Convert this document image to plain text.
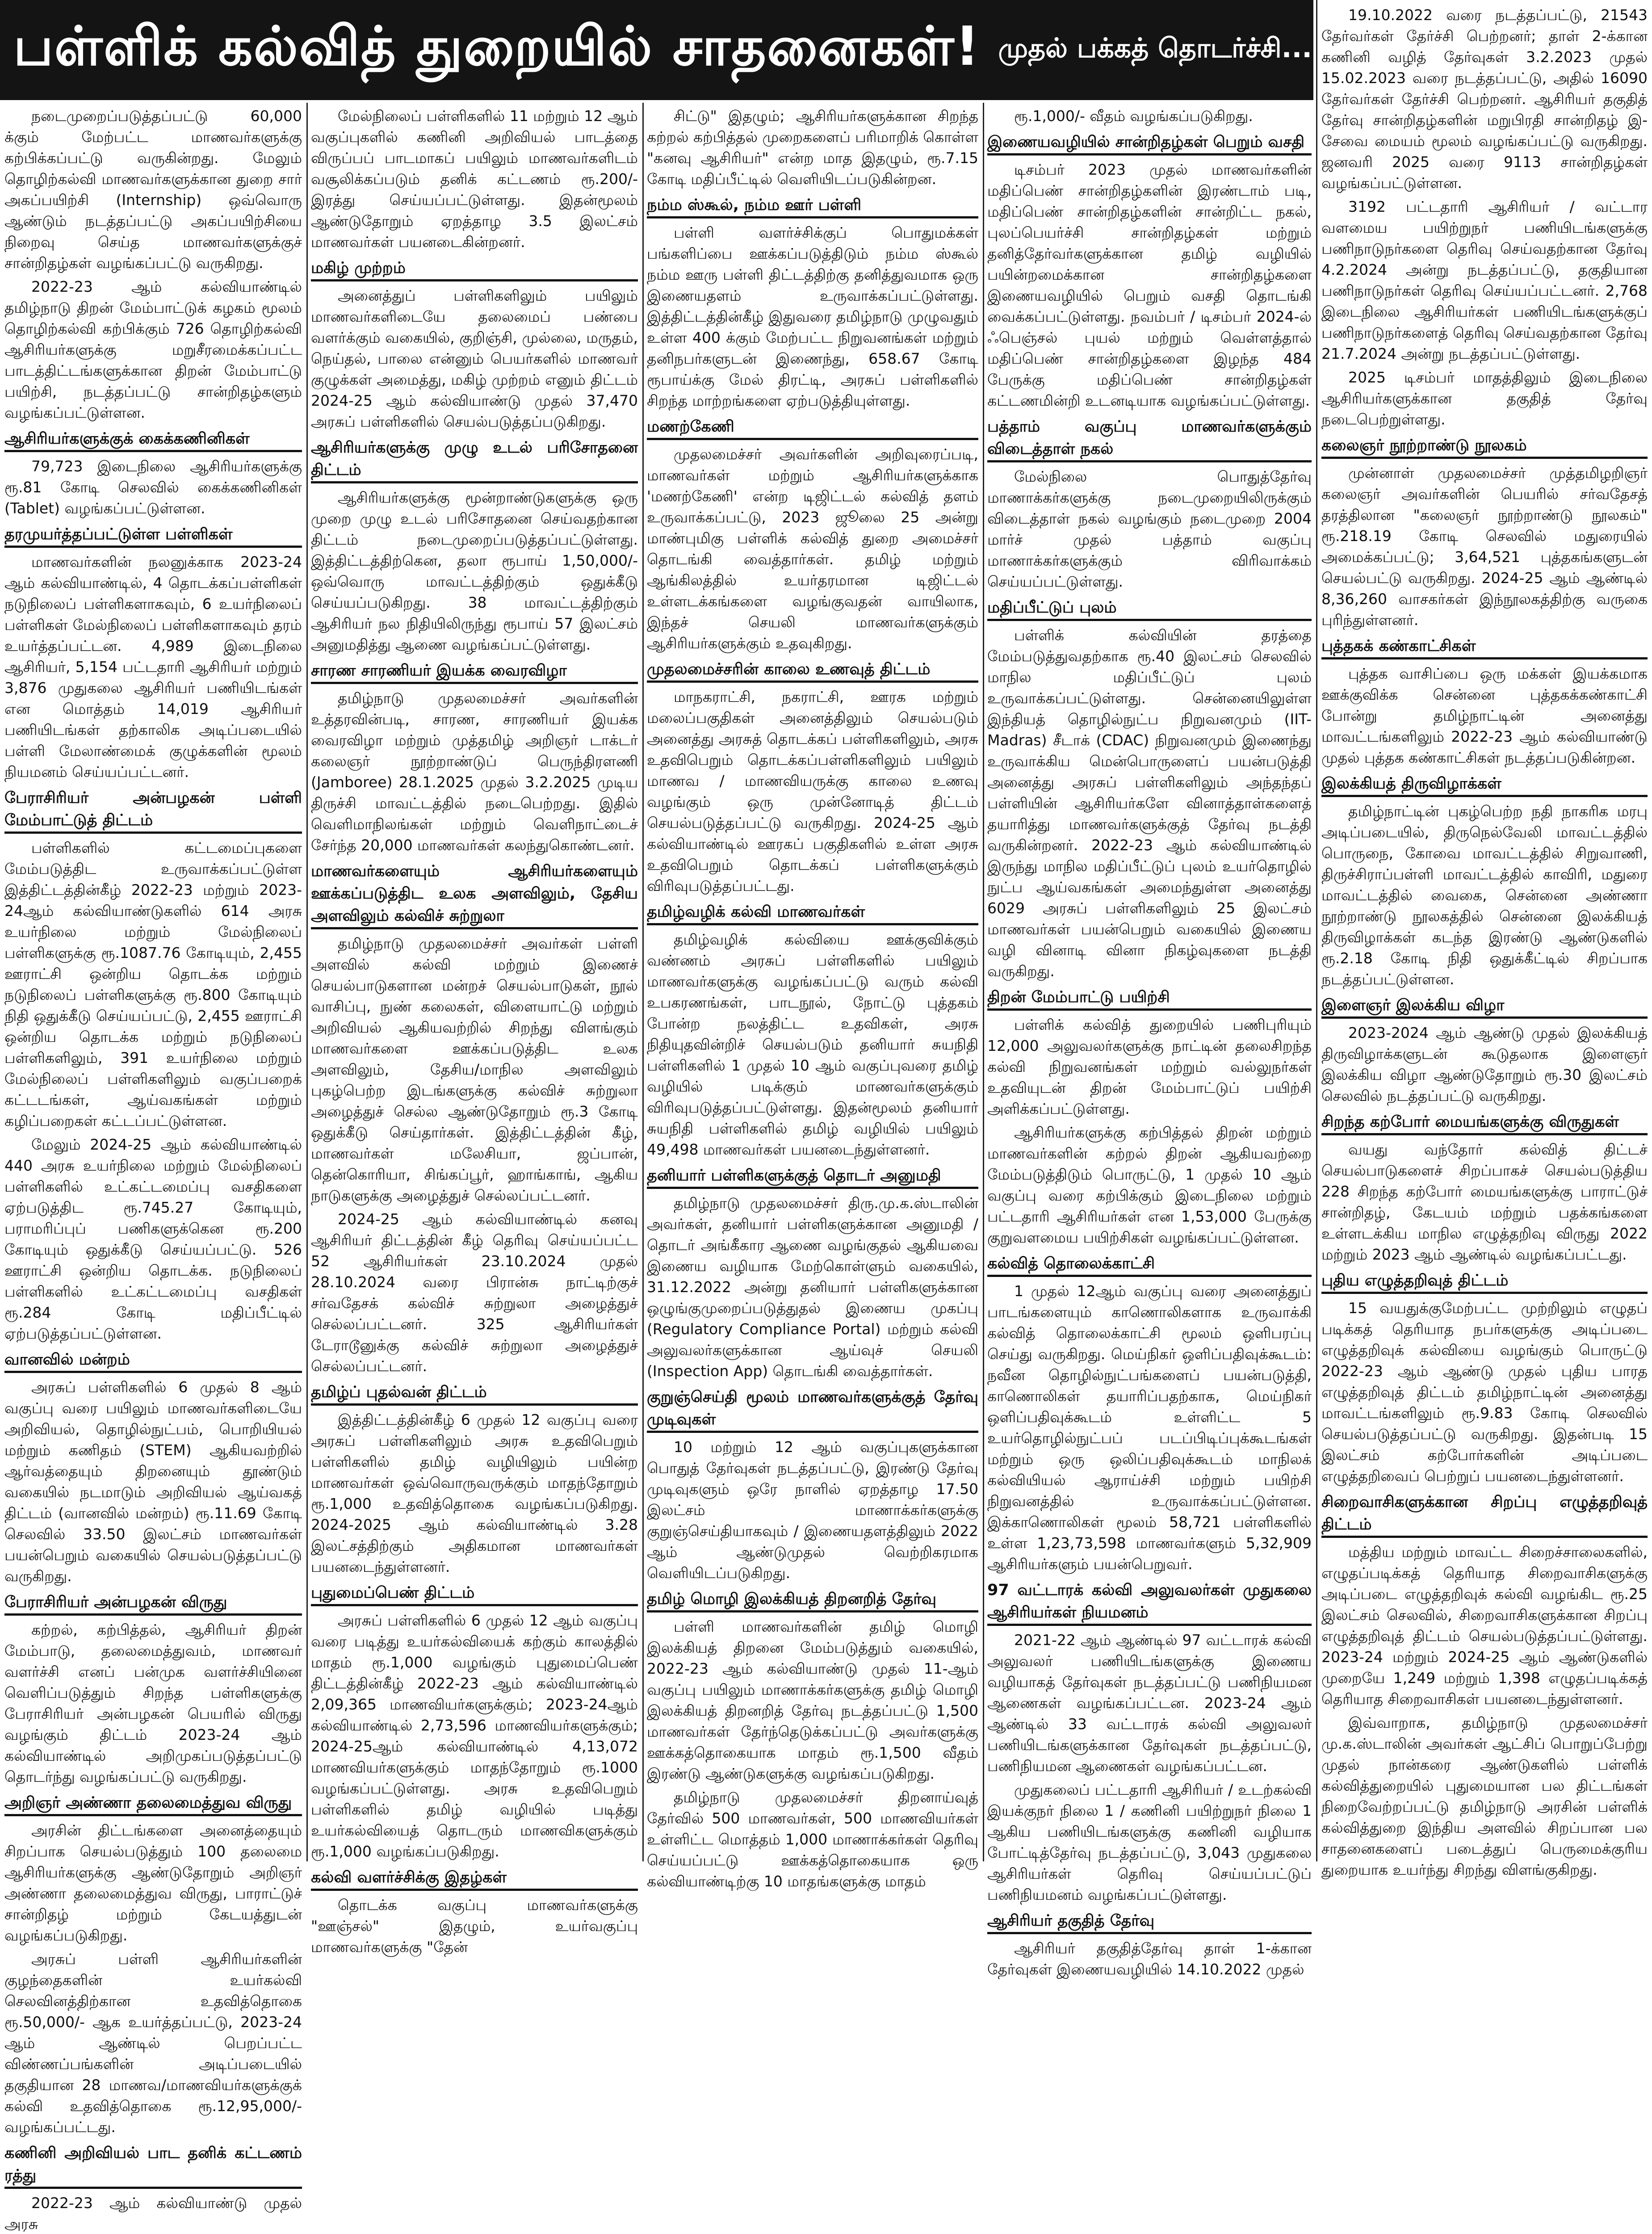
பள்ளிக் கல்வித் துறையில் சாதனைகள்! முதல் பக்கத் தொடர்ச்சி...

நடைமுறைப்படுத்தப்பட்டு 60,000 க்கும் மேற்பட்ட மாணவர்களுக்கு கற்பிக்கப்பட்டு வருகின்றது. மேலும் தொழிற்கல்வி மாணவர்களுக்கான துறை சார் அகப்பயிற்சி (Internship) ஒவ்வொரு ஆண்டும் நடத்தப்பட்டு அகப்பயிற்சியை நிறைவு செய்த மாணவர்களுக்குச் சான்றிதழ்கள் வழங்கப்பட்டு வருகிறது.

2022-23 ஆம் கல்வியாண்டில் தமிழ்நாடு திறன் மேம்பாட்டுக் கழகம் மூலம் தொழிற்கல்வி கற்பிக்கும் 726 தொழிற்கல்வி ஆசிரியர்களுக்கு மறுசீரமைக்கப்பட்ட பாடத்திட்டங்களுக்கான திறன் மேம்பாட்டு பயிற்சி, நடத்தப்பட்டு சான்றிதழ்களும் வழங்கப்பட்டுள்ளன.

ஆசிரியர்களுக்குக் கைக்கணினிகள்

79,723 இடைநிலை ஆசிரியர்களுக்கு ரூ.81 கோடி செலவில் கைக்கணினிகள் (Tablet) வழங்கப்பட்டுள்ளன.

தரமுயர்த்தப்பட்டுள்ள பள்ளிகள்

மாணவர்களின் நலனுக்காக 2023-24 ஆம் கல்வியாண்டில், 4 தொடக்கப்பள்ளிகள் நடுநிலைப் பள்ளிகளாகவும், 6 உயர்நிலைப் பள்ளிகள் மேல்நிலைப் பள்ளிகளாகவும் தரம் உயர்த்தப்பட்டன. 4,989 இடைநிலை ஆசிரியர், 5,154 பட்டதாரி ஆசிரியர் மற்றும் 3,876 முதுகலை ஆசிரியர் பணியிடங்கள் என மொத்தம் 14,019 ஆசிரியர் பணியிடங்கள் தற்காலிக அடிப்படையில் பள்ளி மேலாண்மைக் குழுக்களின் மூலம் நியமனம் செய்யப்பட்டனர்.

பேராசிரியர் அன்பழகன் பள்ளி மேம்பாட்டுத் திட்டம்

பள்ளிகளில் கட்டமைப்புகளை மேம்படுத்திட உருவாக்கப்பட்டுள்ள இத்திட்டத்தின்கீழ் 2022-23 மற்றும் 2023-24ஆம் கல்வியாண்டுகளில் 614 அரசு உயர்நிலை மற்றும் மேல்நிலைப் பள்ளிகளுக்கு ரூ.1087.76 கோடியும், 2,455 ஊராட்சி ஒன்றிய தொடக்க மற்றும் நடுநிலைப் பள்ளிகளுக்கு ரூ.800 கோடியும் நிதி ஒதுக்கீடு செய்யப்பட்டு, 2,455 ஊராட்சி ஒன்றிய தொடக்க மற்றும் நடுநிலைப் பள்ளிகளிலும், 391 உயர்நிலை மற்றும் மேல்நிலைப் பள்ளிகளிலும் வகுப்பறைக் கட்டடங்கள், ஆய்வகங்கள் மற்றும் கழிப்பறைகள் கட்டப்பட்டுள்ளன.

மேலும் 2024-25 ஆம் கல்வியாண்டில் 440 அரசு உயர்நிலை மற்றும் மேல்நிலைப் பள்ளிகளில் உட்கட்டமைப்பு வசதிகளை ஏற்படுத்திட ரூ.745.27 கோடியும், பராமரிப்புப் பணிகளுக்கென ரூ.200 கோடியும் ஒதுக்கீடு செய்யப்பட்டு. 526 ஊராட்சி ஒன்றிய தொடக்க. நடுநிலைப் பள்ளிகளில் உட்கட்டமைப்பு வசதிகள் ரூ.284 கோடி மதிப்பீட்டில் ஏற்படுத்தப்பட்டுள்ளன.

வானவில் மன்றம்

அரசுப் பள்ளிகளில் 6 முதல் 8 ஆம் வகுப்பு வரை பயிலும் மாணவர்களிடையே அறிவியல், தொழில்நுட்பம், பொறியியல் மற்றும் கணிதம் (STEM) ஆகியவற்றில் ஆர்வத்தையும் திறனையும் தூண்டும் வகையில் நடமாடும் அறிவியல் ஆய்வகத் திட்டம் (வானவில் மன்றம்) ரூ.11.69 கோடி செலவில் 33.50 இலட்சம் மாணவர்கள் பயன்பெறும் வகையில் செயல்படுத்தப்பட்டு வருகிறது.

பேராசிரியர் அன்பழகன் விருது

கற்றல், கற்பித்தல், ஆசிரியர் திறன் மேம்பாடு, தலைமைத்துவம், மாணவர் வளர்ச்சி எனப் பன்முக வளர்ச்சியினை வெளிப்படுத்தும் சிறந்த பள்ளிகளுக்கு பேராசிரியர் அன்பழகன் பெயரில் விருது வழங்கும் திட்டம் 2023-24 ஆம் கல்வியாண்டில் அறிமுகப்படுத்தப்பட்டு தொடர்ந்து வழங்கப்பட்டு வருகிறது.

அறிஞர் அண்ணா தலைமைத்துவ விருது

அரசின் திட்டங்களை அனைத்தையும் சிறப்பாக செயல்படுத்தும் 100 தலைமை ஆசிரியர்களுக்கு ஆண்டுதோறும் அறிஞர் அண்ணா தலைமைத்துவ விருது, பாராட்டுச் சான்றிதழ் மற்றும் கேடயத்துடன் வழங்கப்படுகிறது.

அரசுப் பள்ளி ஆசிரியர்களின் குழந்தைகளின் உயர்கல்வி செலவினத்திற்கான உதவித்தொகை ரூ.50,000/- ஆக உயர்த்தப்பட்டு, 2023-24 ஆம் ஆண்டில் பெறப்பட்ட விண்ணப்பங்களின் அடிப்படையில் தகுதியான 28 மாணவ/மாணவியர்களுக்குக் கல்வி உதவித்தொகை ரூ.12,95,000/- வழங்கப்பட்டது.

கணினி அறிவியல் பாட தனிக் கட்டணம் ரத்து

2022-23 ஆம் கல்வியாண்டு முதல் அரசு

மேல்நிலைப் பள்ளிகளில் 11 மற்றும் 12 ஆம் வகுப்புகளில் கணினி அறிவியல் பாடத்தை விருப்பப் பாடமாகப் பயிலும் மாணவர்களிடம் வசூலிக்கப்படும் தனிக் கட்டணம் ரூ.200/- இரத்து செய்யப்பட்டுள்ளது. இதன்மூலம் ஆண்டுதோறும் ஏறத்தாழ 3.5 இலட்சம் மாணவர்கள் பயனடைகின்றனர்.

மகிழ் முற்றம்

அனைத்துப் பள்ளிகளிலும் பயிலும் மாணவர்களிடையே தலைமைப் பண்பை வளர்க்கும் வகையில், குறிஞ்சி, முல்லை, மருதம், நெய்தல், பாலை என்னும் பெயர்களில் மாணவர் குழுக்கள் அமைத்து, மகிழ் முற்றம் எனும் திட்டம் 2024-25 ஆம் கல்வியாண்டு முதல் 37,470 அரசுப் பள்ளிகளில் செயல்படுத்தப்படுகிறது.

ஆசிரியர்களுக்கு முழு உடல் பரிசோதனை திட்டம்

ஆசிரியர்களுக்கு மூன்றாண்டுகளுக்கு ஒரு முறை முழு உடல் பரிசோதனை செய்வதற்கான திட்டம் நடைமுறைப்படுத்தப்பட்டுள்ளது. இத்திட்டத்திற்கென, தலா ரூபாய் 1,50,000/- ஒவ்வொரு மாவட்டத்திற்கும் ஒதுக்கீடு செய்யப்படுகிறது. 38 மாவட்டத்திற்கும் ஆசிரியர் நல நிதியிலிருந்து ரூபாய் 57 இலட்சம் அனுமதித்து ஆணை வழங்கப்பட்டுள்ளது.

சாரண சாரணியர் இயக்க வைரவிழா

தமிழ்நாடு முதலமைச்சர் அவர்களின் உத்தரவின்படி, சாரண, சாரணியர் இயக்க வைரவிழா மற்றும் முத்தமிழ் அறிஞர் டாக்டர் கலைஞர் நூற்றாண்டுப் பெருந்திரளணி (Jamboree) 28.1.2025 முதல் 3.2.2025 முடிய திருச்சி மாவட்டத்தில் நடைபெற்றது. இதில் வெளிமாநிலங்கள் மற்றும் வெளிநாட்டைச் சேர்ந்த 20,000 மாணவர்கள் கலந்துகொண்டனர்.

மாணவர்களையும் ஆசிரியர்களையும் ஊக்கப்படுத்திட உலக அளவிலும், தேசிய அளவிலும் கல்விச் சுற்றுலா

தமிழ்நாடு முதலமைச்சர் அவர்கள் பள்ளி அளவில் கல்வி மற்றும் இணைச் செயல்பாடுகளான மன்றச் செயல்பாடுகள், நூல் வாசிப்பு, நுண் கலைகள், விளையாட்டு மற்றும் அறிவியல் ஆகியவற்றில் சிறந்து விளங்கும் மாணவர்களை ஊக்கப்படுத்திட உலக அளவிலும், தேசிய/மாநில அளவிலும் புகழ்பெற்ற இடங்களுக்கு கல்விச் சுற்றுலா அழைத்துச் செல்ல ஆண்டுதோறும் ரூ.3 கோடி ஒதுக்கீடு செய்தார்கள். இத்திட்டத்தின் கீழ், மாணவர்கள் மலேசியா, ஜப்பான், தென்கொரியா, சிங்கப்பூர், ஹாங்காங், ஆகிய நாடுகளுக்கு அழைத்துச் செல்லப்பட்டனர்.

2024-25 ஆம் கல்வியாண்டில் கனவு ஆசிரியர் திட்டத்தின் கீழ் தெரிவு செய்யப்பட்ட 52 ஆசிரியர்கள் 23.10.2024 முதல் 28.10.2024 வரை பிரான்சு நாட்டிற்குச் சர்வதேசக் கல்விச் சுற்றுலா அழைத்துச் செல்லப்பட்டனர். 325 ஆசிரியர்கள் டேராடூனுக்கு கல்விச் சுற்றுலா அழைத்துச் செல்லப்பட்டனர்.

தமிழ்ப் புதல்வன் திட்டம்

இத்திட்டத்தின்கீழ் 6 முதல் 12 வகுப்பு வரை அரசுப் பள்ளிகளிலும் அரசு உதவிபெறும் பள்ளிகளில் தமிழ் வழியிலும் பயின்ற மாணவர்கள் ஒவ்வொருவருக்கும் மாதந்தோறும் ரூ.1,000 உதவித்தொகை வழங்கப்படுகிறது. 2024-2025 ஆம் கல்வியாண்டில் 3.28 இலட்சத்திற்கும் அதிகமான மாணவர்கள் பயனடைந்துள்ளனர்.

புதுமைப்பெண் திட்டம்

அரசுப் பள்ளிகளில் 6 முதல் 12 ஆம் வகுப்பு வரை படித்து உயர்கல்வியைக் கற்கும் காலத்தில் மாதம் ரூ.1,000 வழங்கும் புதுமைப்பெண் திட்டத்தின்கீழ் 2022-23 ஆம் கல்வியாண்டில் 2,09,365 மாணவியர்களுக்கும்; 2023-24ஆம் கல்வியாண்டில் 2,73,596 மாணவியர்களுக்கும்; 2024-25ஆம் கல்வியாண்டில் 4,13,072 மாணவியர்களுக்கும் மாதந்தோறும் ரூ.1000 வழங்கப்பட்டுள்ளது. அரசு உதவிபெறும் பள்ளிகளில் தமிழ் வழியில் படித்து உயர்கல்வியைத் தொடரும் மாணவிகளுக்கும் ரூ.1,000 வழங்கப்படுகிறது.

கல்வி வளர்ச்சிக்கு இதழ்கள்

தொடக்க வகுப்பு மாணவர்களுக்கு "ஊஞ்சல்" இதழும், உயர்வகுப்பு மாணவர்களுக்கு "தேன்

சிட்டு" இதழும்; ஆசிரியர்களுக்கான சிறந்த கற்றல் கற்பித்தல் முறைகளைப் பரிமாறிக் கொள்ள "கனவு ஆசிரியர்" என்ற மாத இதழும், ரூ.7.15 கோடி மதிப்பீட்டில் வெளியிடப்படுகின்றன.

நம்ம ஸ்கூல், நம்ம ஊர் பள்ளி

பள்ளி வளர்ச்சிக்குப் பொதுமக்கள் பங்களிப்பை ஊக்கப்படுத்திடும் நம்ம ஸ்கூல் நம்ம ஊரு பள்ளி திட்டத்திற்கு தனித்துவமாக ஒரு இணையதளம் உருவாக்கப்பட்டுள்ளது. இத்திட்டத்தின்கீழ் இதுவரை தமிழ்நாடு முழுவதும் உள்ள 400 க்கும் மேற்பட்ட நிறுவனங்கள் மற்றும் தனிநபர்களுடன் இணைந்து, 658.67 கோடி ரூபாய்க்கு மேல் திரட்டி, அரசுப் பள்ளிகளில் சிறந்த மாற்றங்களை ஏற்படுத்தியுள்ளது.

மணற்கேணி

முதலமைச்சர் அவர்களின் அறிவுரைப்படி, மாணவர்கள் மற்றும் ஆசிரியர்களுக்காக 'மணற்கேணி' என்ற டிஜிட்டல் கல்வித் தளம் உருவாக்கப்பட்டு, 2023 ஜூலை 25 அன்று மாண்புமிகு பள்ளிக் கல்வித் துறை அமைச்சர் தொடங்கி வைத்தார்கள். தமிழ் மற்றும் ஆங்கிலத்தில் உயர்தரமான டிஜிட்டல் உள்ளடக்கங்களை வழங்குவதன் வாயிலாக, இந்தச் செயலி மாணவர்களுக்கும் ஆசிரியர்களுக்கும் உதவுகிறது.

முதலமைச்சரின் காலை உணவுத் திட்டம்

மாநகராட்சி, நகராட்சி, ஊரக மற்றும் மலைப்பகுதிகள் அனைத்திலும் செயல்படும் அனைத்து அரசுத் தொடக்கப் பள்ளிகளிலும், அரசு உதவிபெறும் தொடக்கப்பள்ளிகளிலும் பயிலும் மாணவ / மாணவியருக்கு காலை உணவு வழங்கும் ஒரு முன்னோடித் திட்டம் செயல்படுத்தப்பட்டு வருகிறது. 2024-25 ஆம் கல்வியாண்டில் ஊரகப் பகுதிகளில் உள்ள அரசு உதவிபெறும் தொடக்கப் பள்ளிகளுக்கும் விரிவுபடுத்தப்பட்டது.

தமிழ்வழிக் கல்வி மாணவர்கள்

தமிழ்வழிக் கல்வியை ஊக்குவிக்கும் வண்ணம் அரசுப் பள்ளிகளில் பயிலும் மாணவர்களுக்கு வழங்கப்பட்டு வரும் கல்வி உபகரணங்கள், பாடநூல், நோட்டு புத்தகம் போன்ற நலத்திட்ட உதவிகள், அரசு நிதியுதவின்றிச் செயல்படும் தனியார் சுயநிதி பள்ளிகளில் 1 முதல் 10 ஆம் வகுப்புவரை தமிழ் வழியில் படிக்கும் மாணவர்களுக்கும் விரிவுபடுத்தப்பட்டுள்ளது. இதன்மூலம் தனியார் சுயநிதி பள்ளிகளில் தமிழ் வழியில் பயிலும் 49,498 மாணவர்கள் பயனடைந்துள்ளனர்.

தனியார் பள்ளிகளுக்குத் தொடர் அனுமதி

தமிழ்நாடு முதலமைச்சர் திரு.மு.க.ஸ்டாலின் அவர்கள், தனியார் பள்ளிகளுக்கான அனுமதி / தொடர் அங்கீகார ஆணை வழங்குதல் ஆகியவை இணைய வழியாக மேற்கொள்ளும் வகையில், 31.12.2022 அன்று தனியார் பள்ளிகளுக்கான ஒழுங்குமுறைப்படுத்துதல் இணைய முகப்பு (Regulatory Compliance Portal) மற்றும் கல்வி அலுவலர்களுக்கான ஆய்வுச் செயலி (Inspection App) தொடங்கி வைத்தார்கள்.

குறுஞ்செய்தி மூலம் மாணவர்களுக்குத் தேர்வு முடிவுகள்

10 மற்றும் 12 ஆம் வகுப்புகளுக்கான பொதுத் தேர்வுகள் நடத்தப்பட்டு, இரண்டு தேர்வு முடிவுகளும் ஒரே நாளில் ஏறத்தாழ 17.50 இலட்சம் மாணாக்கர்களுக்கு குறுஞ்செய்தியாகவும் / இணையதளத்திலும் 2022 ஆம் ஆண்டுமுதல் வெற்றிகரமாக வெளியிடப்படுகிறது.

தமிழ் மொழி இலக்கியத் திறனறித் தேர்வு

பள்ளி மாணவர்களின் தமிழ் மொழி இலக்கியத் திறனை மேம்படுத்தும் வகையில், 2022-23 ஆம் கல்வியாண்டு முதல் 11-ஆம் வகுப்பு பயிலும் மாணாக்கர்களுக்கு தமிழ் மொழி இலக்கியத் திறனறித் தேர்வு நடத்தப்பட்டு 1,500 மாணவர்கள் தேர்ந்தெடுக்கப்பட்டு அவர்களுக்கு ஊக்கத்தொகையாக மாதம் ரூ.1,500 வீதம் இரண்டு ஆண்டுகளுக்கு வழங்கப்படுகிறது.

தமிழ்நாடு முதலமைச்சர் திறனாய்வுத் தேர்வில் 500 மாணவர்கள், 500 மாணவியர்கள் உள்ளிட்ட மொத்தம் 1,000 மாணாக்கர்கள் தெரிவு செய்யப்பட்டு ஊக்கத்தொகையாக ஒரு கல்வியாண்டிற்கு 10 மாதங்களுக்கு மாதம்

ரூ.1,000/- வீதம் வழங்கப்படுகிறது.

இணையவழியில் சான்றிதழ்கள் பெறும் வசதி

டிசம்பர் 2023 முதல் மாணவர்களின் மதிப்பெண் சான்றிதழ்களின் இரண்டாம் படி, மதிப்பெண் சான்றிதழ்களின் சான்றிட்ட நகல், புலப்பெயர்ச்சி சான்றிதழ்கள் மற்றும் தனித்தேர்வர்களுக்கான தமிழ் வழியில் பயின்றமைக்கான சான்றிதழ்களை இணையவழியில் பெறும் வசதி தொடங்கி வைக்கப்பட்டுள்ளது. நவம்பர் / டிசம்பர் 2024-ல் ஃபெஞ்சல் புயல் மற்றும் வெள்ளத்தால் மதிப்பெண் சான்றிதழ்களை இழந்த 484 பேருக்கு மதிப்பெண் சான்றிதழ்கள் கட்டணமின்றி உடனடியாக வழங்கப்பட்டுள்ளது.

பத்தாம் வகுப்பு மாணவர்களுக்கும் விடைத்தாள் நகல்

மேல்நிலை பொதுத்தேர்வு மாணாக்கர்களுக்கு நடைமுறையிலிருக்கும் விடைத்தாள் நகல் வழங்கும் நடைமுறை 2004 மார்ச் முதல் பத்தாம் வகுப்பு மாணாக்கர்களுக்கும் விரிவாக்கம் செய்யப்பட்டுள்ளது.

மதிப்பீட்டுப் புலம்

பள்ளிக் கல்வியின் தரத்தை மேம்படுத்துவதற்காக ரூ.40 இலட்சம் செலவில் மாநில மதிப்பீட்டுப் புலம் உருவாக்கப்பட்டுள்ளது. சென்னையிலுள்ள இந்தியத் தொழில்நுட்ப நிறுவனமும் (IIT-Madras) சீடாக் (CDAC) நிறுவனமும் இணைந்து உருவாக்கிய மென்பொருளைப் பயன்படுத்தி அனைத்து அரசுப் பள்ளிகளிலும் அந்தந்தப் பள்ளியின் ஆசிரியர்களே வினாத்தாள்களைத் தயாரித்து மாணவர்களுக்குத் தேர்வு நடத்தி வருகின்றனர். 2022-23 ஆம் கல்வியாண்டில் இருந்து மாநில மதிப்பீட்டுப் புலம் உயர்தொழில் நுட்ப ஆய்வகங்கள் அமைந்துள்ள அனைத்து 6029 அரசுப் பள்ளிகளிலும் 25 இலட்சம் மாணவர்கள் பயன்பெறும் வகையில் இணைய வழி வினாடி வினா நிகழ்வுகளை நடத்தி வருகிறது.

திறன் மேம்பாட்டு பயிற்சி

பள்ளிக் கல்வித் துறையில் பணிபுரியும் 12,000 அலுவலர்களுக்கு நாட்டின் தலைசிறந்த கல்வி நிறுவனங்கள் மற்றும் வல்லுநர்கள் உதவியுடன் திறன் மேம்பாட்டுப் பயிற்சி அளிக்கப்பட்டுள்ளது.

ஆசிரியர்களுக்கு கற்பித்தல் திறன் மற்றும் மாணவர்களின் கற்றல் திறன் ஆகியவற்றை மேம்படுத்திடும் பொருட்டு, 1 முதல் 10 ஆம் வகுப்பு வரை கற்பிக்கும் இடைநிலை மற்றும் பட்டதாரி ஆசிரியர்கள் என 1,53,000 பேருக்கு குறுவளமைய பயிற்சிகள் வழங்கப்பட்டுள்ளன.

கல்வித் தொலைக்காட்சி

1 முதல் 12ஆம் வகுப்பு வரை அனைத்துப் பாடங்களையும் காணொலிகளாக உருவாக்கி கல்வித் தொலைக்காட்சி மூலம் ஒளிபரப்பு செய்து வருகிறது. மெய்நிகர் ஒளிப்பதிவுக்கூடம்: நவீன தொழில்நுட்பங்களைப் பயன்படுத்தி, காணொலிகள் தயாரிப்பதற்காக, மெய்நிகர் ஒளிப்பதிவுக்கூடம் உள்ளிட்ட 5 உயர்தொழில்நுட்பப் படப்பிடிப்புக்கூடங்கள் மற்றும் ஒரு ஒலிப்பதிவுக்கூடம் மாநிலக் கல்வியியல் ஆராய்ச்சி மற்றும் பயிற்சி நிறுவனத்தில் உருவாக்கப்பட்டுள்ளன. இக்காணொலிகள் மூலம் 58,721 பள்ளிகளில் உள்ள 1,23,73,598 மாணவர்களும் 5,32,909 ஆசிரியர்களும் பயன்பெறுவர்.

97 வட்டாரக் கல்வி அலுவலர்கள் முதுகலை ஆசிரியர்கள் நியமனம்

2021-22 ஆம் ஆண்டில் 97 வட்டாரக் கல்வி அலுவலர் பணியிடங்களுக்கு இணைய வழியாகத் தேர்வுகள் நடத்தப்பட்டு பணிநியமன ஆணைகள் வழங்கப்பட்டன. 2023-24 ஆம் ஆண்டில் 33 வட்டாரக் கல்வி அலுவலர் பணியிடங்களுக்கான தேர்வுகள் நடத்தப்பட்டு, பணிநியமன ஆணைகள் வழங்கப்பட்டன.

முதுகலைப் பட்டதாரி ஆசிரியர் / உடற்கல்வி இயக்குநர் நிலை 1 / கணினி பயிற்றுநர் நிலை 1 ஆகிய பணியிடங்களுக்கு கணினி வழியாக போட்டித்தேர்வு நடத்தப்பட்டு, 3,043 முதுகலை ஆசிரியர்கள் தெரிவு செய்யப்பட்டுப் பணிநியமனம் வழங்கப்பட்டுள்ளது.

ஆசிரியர் தகுதித் தேர்வு

ஆசிரியர் தகுதித்தேர்வு தாள் 1-க்கான தேர்வுகள் இணையவழியில் 14.10.2022 முதல்

19.10.2022 வரை நடத்தப்பட்டு, 21543 தேர்வர்கள் தேர்ச்சி பெற்றனர்; தாள் 2-க்கான கணினி வழித் தேர்வுகள் 3.2.2023 முதல் 15.02.2023 வரை நடத்தப்பட்டு, அதில் 16090 தேர்வர்கள் தேர்ச்சி பெற்றனர். ஆசிரியர் தகுதித் தேர்வு சான்றிதழ்களின் மறுபிரதி சான்றிதழ் இ-சேவை மையம் மூலம் வழங்கப்பட்டு வருகிறது. ஜனவரி 2025 வரை 9113 சான்றிதழ்கள் வழங்கப்பட்டுள்ளன.

3192 பட்டதாரி ஆசிரியர் / வட்டார வளமைய பயிற்றுநர் பணியிடங்களுக்கு பணிநாடுநர்களை தெரிவு செய்வதற்கான தேர்வு 4.2.2024 அன்று நடத்தப்பட்டு, தகுதியான பணிநாடுநர்கள் தெரிவு செய்யப்பட்டனர். 2,768 இடைநிலை ஆசிரியர்கள் பணியிடங்களுக்குப் பணிநாடுநர்களைத் தெரிவு செய்வதற்கான தேர்வு 21.7.2024 அன்று நடத்தப்பட்டுள்ளது.

2025 டிசம்பர் மாதத்திலும் இடைநிலை ஆசிரியர்களுக்கான தகுதித் தேர்வு நடைபெற்றுள்ளது.

கலைஞர் நூற்றாண்டு நூலகம்

முன்னாள் முதலமைச்சர் முத்தமிழறிஞர் கலைஞர் அவர்களின் பெயரில் சர்வதேசத் தரத்திலான "கலைஞர் நூற்றாண்டு நூலகம்" ரூ.218.19 கோடி செலவில் மதுரையில் அமைக்கப்பட்டு; 3,64,521 புத்தகங்களுடன் செயல்பட்டு வருகிறது. 2024-25 ஆம் ஆண்டில் 8,36,260 வாசகர்கள் இந்நூலகத்திற்கு வருகை புரிந்துள்ளனர்.

புத்தகக் கண்காட்சிகள்

புத்தக வாசிப்பை ஒரு மக்கள் இயக்கமாக ஊக்குவிக்க சென்னை புத்தகக்கண்காட்சி போன்று தமிழ்நாட்டின் அனைத்து மாவட்டங்களிலும் 2022-23 ஆம் கல்வியாண்டு முதல் புத்தக கண்காட்சிகள் நடத்தப்படுகின்றன.

இலக்கியத் திருவிழாக்கள்

தமிழ்நாட்டின் புகழ்பெற்ற நதி நாகரிக மரபு அடிப்படையில், திருநெல்வேலி மாவட்டத்தில் பொருநை, கோவை மாவட்டத்தில் சிறுவாணி, திருச்சிராப்பள்ளி மாவட்டத்தில் காவிரி, மதுரை மாவட்டத்தில் வைகை, சென்னை அண்ணா நூற்றாண்டு நூலகத்தில் சென்னை இலக்கியத் திருவிழாக்கள் கடந்த இரண்டு ஆண்டுகளில் ரூ.2.18 கோடி நிதி ஒதுக்கீட்டில் சிறப்பாக நடத்தப்பட்டுள்ளன.

இளைஞர் இலக்கிய விழா

2023-2024 ஆம் ஆண்டு முதல் இலக்கியத் திருவிழாக்களுடன் கூடுதலாக இளைஞர் இலக்கிய விழா ஆண்டுதோறும் ரூ.30 இலட்சம் செலவில் நடத்தப்பட்டு வருகிறது.

சிறந்த கற்போர் மையங்களுக்கு விருதுகள்

வயது வந்தோர் கல்வித் திட்டச் செயல்பாடுகளைச் சிறப்பாகச் செயல்படுத்திய 228 சிறந்த கற்போர் மையங்களுக்கு பாராட்டுச் சான்றிதழ், கேடயம் மற்றும் பதக்கங்களை உள்ளடக்கிய மாநில எழுத்தறிவு விருது 2022 மற்றும் 2023 ஆம் ஆண்டில் வழங்கப்பட்டது.

புதிய எழுத்தறிவுத் திட்டம்

15 வயதுக்குமேற்பட்ட முற்றிலும் எழுதப் படிக்கத் தெரியாத நபர்களுக்கு அடிப்படை எழுத்தறிவுக் கல்வியை வழங்கும் பொருட்டு 2022-23 ஆம் ஆண்டு முதல் புதிய பாரத எழுத்தறிவுத் திட்டம் தமிழ்நாட்டின் அனைத்து மாவட்டங்களிலும் ரூ.9.83 கோடி செலவில் செயல்படுத்தப்பட்டு வருகிறது. இதன்படி 15 இலட்சம் கற்போர்களின் அடிப்படை எழுத்தறிவைப் பெற்றுப் பயனடைந்துள்ளனர்.

சிறைவாசிகளுக்கான சிறப்பு எழுத்தறிவுத் திட்டம்

மத்திய மற்றும் மாவட்ட சிறைச்சாலைகளில், எழுதப்படிக்கத் தெரியாத சிறைவாசிகளுக்கு அடிப்படை எழுத்தறிவுக் கல்வி வழங்கிட ரூ.25 இலட்சம் செலவில், சிறைவாசிகளுக்கான சிறப்பு எழுத்தறிவுத் திட்டம் செயல்படுத்தப்பட்டுள்ளது. 2023-24 மற்றும் 2024-25 ஆம் ஆண்டுகளில் முறையே 1,249 மற்றும் 1,398 எழுதப்படிக்கத் தெரியாத சிறைவாசிகள் பயனடைந்துள்ளனர்.

இவ்வாறாக, தமிழ்நாடு முதலமைச்சர் மு.க.ஸ்டாலின் அவர்கள் ஆட்சிப் பொறுப்பேற்று முதல் நான்கரை ஆண்டுகளில் பள்ளிக் கல்வித்துறையில் புதுமையான பல திட்டங்கள் நிறைவேற்றப்பட்டு தமிழ்நாடு அரசின் பள்ளிக் கல்வித்துறை இந்திய அளவில் சிறப்பான பல சாதனைகளைப் படைத்துப் பெருமைக்குரிய துறையாக உயர்ந்து சிறந்து விளங்குகிறது.
